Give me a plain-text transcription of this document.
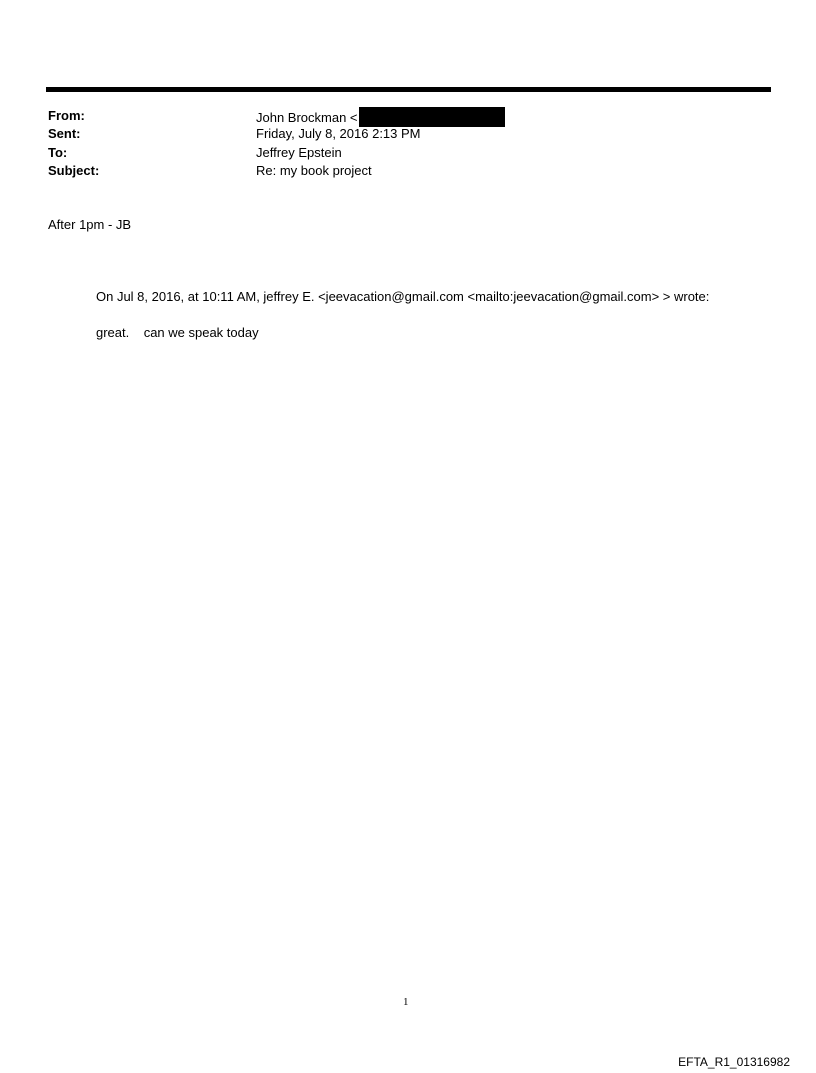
From:	John Brockman <
Sent:	Friday, July 8, 2016 2:13 PM
To:	Jeffrey Epstein
Subject:	Re: my book project
After 1pm - JB
On Jul 8, 2016, at 10:11 AM, jeffrey E. <jeevacation@gmail.com <mailto:jeevacation@gmail.com> > wrote:
great.    can we speak today
1
EFTA_R1_01316982
